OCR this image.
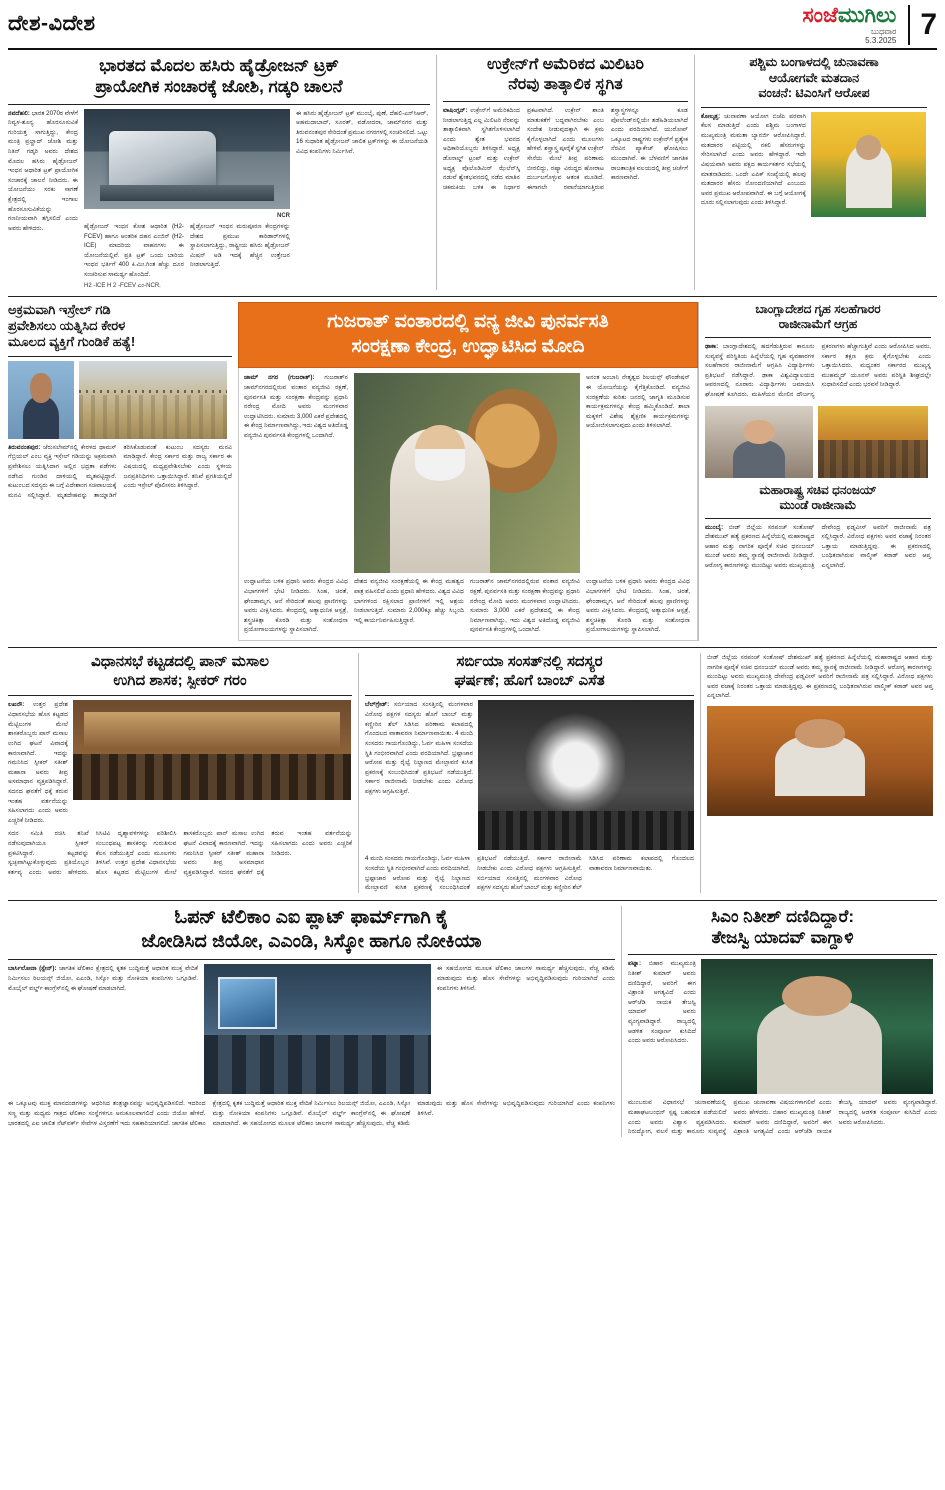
ದೇಶ-ವಿದೇಶ	ಸಂಜೆಮುಗಿಲು
ಬುಧವಾರ
5.3.2025 7
ಭಾರತದ ಮೊದಲ ಹಸಿರು ಹೈಡ್ರೋಜನ್ ಟ್ರಕ್
ಪ್ರಾಯೋಗಿಕ ಸಂಚಾರಕ್ಕೆ ಜೋಶಿ, ಗಡ್ಕರಿ ಚಾಲನೆ
ನವದೆಹಲಿ: ಭಾರತ 2070ರ ವೇಳೆಗೆ ನಿವ್ವಳ-ಶೂನ್ಯ ಹೊರಸೂಸುವಿಕೆ ಗುರಿಯತ್ತ ಸಾಗುತ್ತಿದ್ದು, ಕೇಂದ್ರ ಮಂತ್ರಿ ಪ್ರಲ್ಹಾದ್ ಜೋಶಿ ಮತ್ತು ನಿತಿನ್ ಗಡ್ಕರಿ ಅವರು ದೇಶದ ಮೊದಲ ಹಸಿರು ಹೈಡ್ರೋಜನ್ ಇಂಧನ ಆಧಾರಿತ ಟ್ರಕ್ ಪ್ರಾಯೋಗಿಕ ಸಂಚಾರಕ್ಕೆ ಚಾಲನೆ ನೀಡಿದರು. ಈ ಯೋಜನೆಯು ಸರಕು ಸಾಗಣೆ ಕ್ಷೇತ್ರದಲ್ಲಿ ಇಂಗಾಲ ಹೊರಸೂಸುವಿಕೆಯನ್ನು ಗಣನೀಯವಾಗಿ ತಗ್ಗಿಸಲಿದೆ ಎಂದು ಅವರು ಹೇಳಿದರು.
NCR
ಹೈಡ್ರೋಜನ್ ಇಂಧನ ಕೋಶ ಆಧಾರಿತ (H2-FCEV) ಹಾಗೂ ಆಂತರಿಕ ದಹನ ಎಂಜಿನ್ (H2-ICE) ಮಾದರಿಯ ವಾಹನಗಳು ಈ ಯೋಜನೆಯಲ್ಲಿವೆ. ಪ್ರತಿ ಟ್ರಕ್ ಒಂದು ಬಾರಿಯ ಇಂಧನ ಭರ್ತಿಗೆ 400 ಕಿ.ಮೀ.ಗಿಂತ ಹೆಚ್ಚು ದೂರ ಸಂಚರಿಸುವ ಸಾಮರ್ಥ್ಯ ಹೊಂದಿದೆ.
ಹೈಡ್ರೋಜನ್ ಇಂಧನ ಮರುಪೂರಣ ಕೇಂದ್ರಗಳನ್ನು ದೇಶದ ಪ್ರಮುಖ ಕಾರಿಡಾರ್‌ಗಳಲ್ಲಿ ಸ್ಥಾಪಿಸಲಾಗುತ್ತಿದ್ದು, ರಾಷ್ಟ್ರೀಯ ಹಸಿರು ಹೈಡ್ರೋಜನ್ ಮಿಷನ್ ಅಡಿ ಇದಕ್ಕೆ ಹೆಚ್ಚಿನ ಉತ್ತೇಜನ ನೀಡಲಾಗುತ್ತಿದೆ.
H2 -ICE H 2 -FCEV ಎಂ-NCR.
ಈ ಹಸಿರು ಹೈಡ್ರೋಜನ್ ಟ್ರಕ್ ಮುಂಬೈ, ಪುಣೆ, ದೆಹಲಿ-ಎನ್‌ಸಿಆರ್, ಅಹಮದಾಬಾದ್, ಸೂರತ್, ವಡೋದರಾ, ಜಾಮ್‌ನಗರ ಮತ್ತು ತಿರುವನಂತಪುರ ಸೇರಿದಂತೆ ಪ್ರಮುಖ ನಗರಗಳಲ್ಲಿ ಸಂಚರಿಸಲಿದೆ. ಒಟ್ಟು 16 ಸುಧಾರಿತ ಹೈಡ್ರೋಜನ್ ಚಾಲಿತ ಟ್ರಕ್‌ಗಳನ್ನು ಈ ಯೋಜನೆಯಡಿ ವಿವಿಧ ಕಂಪನಿಗಳು ನಿರ್ಮಿಸಿವೆ.
ಉಕ್ರೇನ್‌ಗೆ ಅಮೆರಿಕದ ಮಿಲಿಟರಿ
ನೆರವು ತಾತ್ಕಾಲಿಕ ಸ್ಥಗಿತ
ವಾಷಿಂಗ್ಟನ್: ಉಕ್ರೇನ್‌ಗೆ ಅಮೆರಿಕದಿಂದ ನೀಡಲಾಗುತ್ತಿದ್ದ ಎಲ್ಲ ಮಿಲಿಟರಿ ನೆರವನ್ನು ತಾತ್ಕಾಲಿಕವಾಗಿ ಸ್ಥಗಿತಗೊಳಿಸಲಾಗಿದೆ ಎಂದು ಶ್ವೇತ ಭವನದ ಅಧಿಕಾರಿಯೊಬ್ಬರು ತಿಳಿಸಿದ್ದಾರೆ. ಅಧ್ಯಕ್ಷ ಡೊನಾಲ್ಡ್ ಟ್ರಂಪ್ ಮತ್ತು ಉಕ್ರೇನ್ ಅಧ್ಯಕ್ಷ ವೊಲೊಡಿಮಿರ್ ಝೆಲೆನ್‌ಸ್ಕಿ ನಡುವೆ ಶ್ವೇತಭವನದಲ್ಲಿ ನಡೆದ ಮಾತಿನ ಚಕಮಕಿಯ ಬಳಿಕ ಈ ನಿರ್ಧಾರ ಪ್ರಕಟವಾಗಿದೆ. ಉಕ್ರೇನ್ ಶಾಂತಿ ಮಾತುಕತೆಗೆ ಬದ್ಧವಾಗಿರಬೇಕು ಎಂಬ ಸಂದೇಶ ನೀಡುವುದಕ್ಕಾಗಿ ಈ ಕ್ರಮ ಕೈಗೊಳ್ಳಲಾಗಿದೆ ಎಂದು ಮೂಲಗಳು ಹೇಳಿವೆ. ಶಸ್ತ್ರಾಸ್ತ್ರ ಪೂರೈಕೆ ಸ್ಥಗಿತ ಉಕ್ರೇನ್ ಸೇನೆಯ ಮೇಲೆ ತೀವ್ರ ಪರಿಣಾಮ ಬೀರಲಿದ್ದು, ರಷ್ಯಾ ವಿರುದ್ಧದ ಹೋರಾಟ ದುರ್ಬಲಗೊಳ್ಳುವ ಆತಂಕ ಮೂಡಿದೆ. ಈಗಾಗಲೇ ರವಾನೆಯಾಗುತ್ತಿರುವ ಶಸ್ತ್ರಾಸ್ತ್ರಗಳನ್ನೂ ಕೂಡ ಪೋಲೆಂಡ್‌ನಲ್ಲಿಯೇ ತಡೆಹಿಡಿಯಲಾಗಿದೆ ಎಂದು ವರದಿಯಾಗಿದೆ. ಯುರೋಪ್ ಒಕ್ಕೂಟದ ರಾಷ್ಟ್ರಗಳು ಉಕ್ರೇನ್‌ಗೆ ಪ್ರತ್ಯೇಕ ನೆರವಿನ ಪ್ಯಾಕೇಜ್ ಘೋಷಿಸಲು ಮುಂದಾಗಿವೆ. ಈ ಬೆಳವಣಿಗೆ ಜಾಗತಿಕ ರಾಜತಾಂತ್ರಿಕ ವಲಯದಲ್ಲಿ ತೀವ್ರ ಚರ್ಚೆಗೆ ಕಾರಣವಾಗಿದೆ.
ಪಶ್ಚಿಮ ಬಂಗಾಳದಲ್ಲಿ ಚುನಾವಣಾ
ಆಯೋಗವೇ ಮತದಾನ
ವಂಚನೆ: ಟಿಎಂಸಿಗೆ ಆರೋಪ
ಕೋಲ್ಕತ್ತ: ಚುನಾವಣಾ ಆಯೋಗ ಬಿಜೆಪಿ ಪರವಾಗಿ ಕೆಲಸ ಮಾಡುತ್ತಿದೆ ಎಂದು ಪಶ್ಚಿಮ ಬಂಗಾಳದ ಮುಖ್ಯಮಂತ್ರಿ ಮಮತಾ ಬ್ಯಾನರ್ಜಿ ಆರೋಪಿಸಿದ್ದಾರೆ. ಮತದಾರರ ಪಟ್ಟಿಯಲ್ಲಿ ನಕಲಿ ಹೆಸರುಗಳನ್ನು ಸೇರಿಸಲಾಗಿದೆ ಎಂದು ಅವರು ಹೇಳಿದ್ದಾರೆ. ಇದೇ ವಿಷಯವಾಗಿ ಅವರು ಪಕ್ಷದ ಕಾರ್ಯಕರ್ತರ ಸಭೆಯಲ್ಲಿ ಮಾತನಾಡಿದರು. ಒಂದೇ ಎಪಿಕ್ ಸಂಖ್ಯೆಯಲ್ಲಿ ಹಲವು ಮತದಾರರ ಹೆಸರು ನೋಂದಣಿಯಾಗಿದೆ ಎಂಬುದು ಅವರ ಪ್ರಮುಖ ಆರೋಪವಾಗಿದೆ. ಈ ಬಗ್ಗೆ ಆಯೋಗಕ್ಕೆ ದೂರು ಸಲ್ಲಿಸಲಾಗುವುದು ಎಂದು ತಿಳಿಸಿದ್ದಾರೆ.
ಅಕ್ರಮವಾಗಿ ಇಸ್ರೇಲ್ ಗಡಿ
ಪ್ರವೇಶಿಸಲು ಯತ್ನಿಸಿದ ಕೇರಳ
ಮೂಲದ ವ್ಯಕ್ತಿಗೆ ಗುಂಡಿಕೆ ಹತ್ಯೆ!
ತಿರುವನಂತಪುರ: ಜೆರುಸಲೇಮ್‌ನಲ್ಲಿ ಕೇರಳದ ಥಾಮಸ್ ಗೆಬ್ರಿಯಲ್ ಎಂಬ ವ್ಯಕ್ತಿ ಇಸ್ರೇಲ್ ಗಡಿಯನ್ನು ಅಕ್ರಮವಾಗಿ ಪ್ರವೇಶಿಸಲು ಯತ್ನಿಸಿದಾಗ ಅಲ್ಲಿನ ಭದ್ರತಾ ಪಡೆಗಳು ನಡೆಸಿದ ಗುಂಡಿನ ದಾಳಿಯಲ್ಲಿ ಮೃತಪಟ್ಟಿದ್ದಾರೆ. ಕುಟುಂಬದ ಸದಸ್ಯರು ಈ ಬಗ್ಗೆ ವಿದೇಶಾಂಗ ಸಚಿವಾಲಯಕ್ಕೆ ಮನವಿ ಸಲ್ಲಿಸಿದ್ದಾರೆ. ಮೃತದೇಹವನ್ನು ತಾಯ್ನಾಡಿಗೆ ತರಿಸಿಕೊಡುವಂತೆ ಕುಟುಂಬ ಸದಸ್ಯರು ಮನವಿ ಮಾಡಿದ್ದಾರೆ. ಕೇಂದ್ರ ಸರ್ಕಾರ ಮತ್ತು ರಾಜ್ಯ ಸರ್ಕಾರ ಈ ವಿಷಯದಲ್ಲಿ ಮಧ್ಯಪ್ರವೇಶಿಸಬೇಕು ಎಂದು ಸ್ಥಳೀಯ ಜನಪ್ರತಿನಿಧಿಗಳು ಒತ್ತಾಯಿಸಿದ್ದಾರೆ. ತನಿಖೆ ಪ್ರಗತಿಯಲ್ಲಿದೆ ಎಂದು ಇಸ್ರೇಲ್ ಪೊಲೀಸರು ತಿಳಿಸಿದ್ದಾರೆ.
ಗುಜರಾತ್ ವಂತಾರದಲ್ಲಿ ವನ್ಯ ಜೀವಿ ಪುನರ್ವಸತಿ
ಸಂರಕ್ಷಣಾ ಕೇಂದ್ರ, ಉದ್ಘಾಟಿಸಿದ ಮೋದಿ
ಜಾಮ್ ನಗರ (ಗುಜರಾತ್): ಗುಜರಾತ್‌ನ ಜಾಮ್‌ನಗರದಲ್ಲಿರುವ ವಂತಾರ ವನ್ಯಜೀವಿ ರಕ್ಷಣೆ, ಪುನರ್ವಸತಿ ಮತ್ತು ಸಂರಕ್ಷಣಾ ಕೇಂದ್ರವನ್ನು ಪ್ರಧಾನಿ ನರೇಂದ್ರ ಮೋದಿ ಅವರು ಮಂಗಳವಾರ ಉದ್ಘಾಟಿಸಿದರು. ಸುಮಾರು 3,000 ಎಕರೆ ಪ್ರದೇಶದಲ್ಲಿ ಈ ಕೇಂದ್ರ ನಿರ್ಮಾಣವಾಗಿದ್ದು, ಇದು ವಿಶ್ವದ ಅತಿದೊಡ್ಡ ವನ್ಯಜೀವಿ ಪುನರ್ವಸತಿ ಕೇಂದ್ರಗಳಲ್ಲಿ ಒಂದಾಗಿದೆ.
ಅನಂತ ಅಂಬಾನಿ ನೇತೃತ್ವದ ರಿಲಯನ್ಸ್ ಫೌಂಡೇಷನ್ ಈ ಯೋಜನೆಯನ್ನು ಕೈಗೆತ್ತಿಕೊಂಡಿದೆ. ವನ್ಯಜೀವಿ ಸಂರಕ್ಷಣೆಯ ಕುರಿತು ಜನರಲ್ಲಿ ಜಾಗೃತಿ ಮೂಡಿಸುವ ಕಾರ್ಯಕ್ರಮಗಳನ್ನೂ ಕೇಂದ್ರ ಹಮ್ಮಿಕೊಂಡಿದೆ. ಶಾಲಾ ಮಕ್ಕಳಿಗೆ ವಿಶೇಷ ಶೈಕ್ಷಣಿಕ ಕಾರ್ಯಕ್ರಮಗಳನ್ನು ಆಯೋಜಿಸಲಾಗುವುದು ಎಂದು ತಿಳಿಸಲಾಗಿದೆ.
ಉದ್ಘಾಟನೆಯ ಬಳಿಕ ಪ್ರಧಾನಿ ಅವರು ಕೇಂದ್ರದ ವಿವಿಧ ವಿಭಾಗಗಳಿಗೆ ಭೇಟಿ ನೀಡಿದರು. ಸಿಂಹ, ಚಿರತೆ, ಘೇಂಡಾಮೃಗ, ಆನೆ ಸೇರಿದಂತೆ ಹಲವು ಪ್ರಾಣಿಗಳನ್ನು ಅವರು ವೀಕ್ಷಿಸಿದರು. ಕೇಂದ್ರದಲ್ಲಿ ಅತ್ಯಾಧುನಿಕ ಆಸ್ಪತ್ರೆ, ಶಸ್ತ್ರಚಿಕಿತ್ಸಾ ಕೊಠಡಿ ಮತ್ತು ಸಂಶೋಧನಾ ಪ್ರಯೋಗಾಲಯಗಳನ್ನು ಸ್ಥಾಪಿಸಲಾಗಿದೆ.
ದೇಶದ ವನ್ಯಜೀವಿ ಸಂರಕ್ಷಣೆಯಲ್ಲಿ ಈ ಕೇಂದ್ರ ಮಹತ್ವದ ಪಾತ್ರ ವಹಿಸಲಿದೆ ಎಂದು ಪ್ರಧಾನಿ ಹೇಳಿದರು. ವಿಶ್ವದ ವಿವಿಧ ಭಾಗಗಳಿಂದ ರಕ್ಷಿಸಲಾದ ಪ್ರಾಣಿಗಳಿಗೆ ಇಲ್ಲಿ ಆಶ್ರಯ ನೀಡಲಾಗುತ್ತಿದೆ. ಸುಮಾರು 2,000ಕ್ಕೂ ಹೆಚ್ಚು ಸಿಬ್ಬಂದಿ ಇಲ್ಲಿ ಕಾರ್ಯನಿರ್ವಹಿಸುತ್ತಿದ್ದಾರೆ.
ಗುಜರಾತ್‌ನ ಜಾಮ್‌ನಗರದಲ್ಲಿರುವ ವಂತಾರ ವನ್ಯಜೀವಿ ರಕ್ಷಣೆ, ಪುನರ್ವಸತಿ ಮತ್ತು ಸಂರಕ್ಷಣಾ ಕೇಂದ್ರವನ್ನು ಪ್ರಧಾನಿ ನರೇಂದ್ರ ಮೋದಿ ಅವರು ಮಂಗಳವಾರ ಉದ್ಘಾಟಿಸಿದರು. ಸುಮಾರು 3,000 ಎಕರೆ ಪ್ರದೇಶದಲ್ಲಿ ಈ ಕೇಂದ್ರ ನಿರ್ಮಾಣವಾಗಿದ್ದು, ಇದು ವಿಶ್ವದ ಅತಿದೊಡ್ಡ ವನ್ಯಜೀವಿ ಪುನರ್ವಸತಿ ಕೇಂದ್ರಗಳಲ್ಲಿ ಒಂದಾಗಿದೆ.
ಉದ್ಘಾಟನೆಯ ಬಳಿಕ ಪ್ರಧಾನಿ ಅವರು ಕೇಂದ್ರದ ವಿವಿಧ ವಿಭಾಗಗಳಿಗೆ ಭೇಟಿ ನೀಡಿದರು. ಸಿಂಹ, ಚಿರತೆ, ಘೇಂಡಾಮೃಗ, ಆನೆ ಸೇರಿದಂತೆ ಹಲವು ಪ್ರಾಣಿಗಳನ್ನು ಅವರು ವೀಕ್ಷಿಸಿದರು. ಕೇಂದ್ರದಲ್ಲಿ ಅತ್ಯಾಧುನಿಕ ಆಸ್ಪತ್ರೆ, ಶಸ್ತ್ರಚಿಕಿತ್ಸಾ ಕೊಠಡಿ ಮತ್ತು ಸಂಶೋಧನಾ ಪ್ರಯೋಗಾಲಯಗಳನ್ನು ಸ್ಥಾಪಿಸಲಾಗಿದೆ.
ಬಾಂಗ್ಲಾದೇಶದ ಗೃಹ ಸಲಹೆಗಾರರ
ರಾಜೀನಾಮೆಗೆ ಆಗ್ರಹ
ಢಾಕಾ: ಬಾಂಗ್ಲಾದೇಶದಲ್ಲಿ ಹದಗೆಡುತ್ತಿರುವ ಕಾನೂನು ಸುವ್ಯವಸ್ಥೆ ಪರಿಸ್ಥಿತಿಯ ಹಿನ್ನೆಲೆಯಲ್ಲಿ ಗೃಹ ವ್ಯವಹಾರಗಳ ಸಲಹೆಗಾರರ ರಾಜೀನಾಮೆಗೆ ಆಗ್ರಹಿಸಿ ವಿದ್ಯಾರ್ಥಿಗಳು ಪ್ರತಿಭಟನೆ ನಡೆಸಿದ್ದಾರೆ. ಢಾಕಾ ವಿಶ್ವವಿದ್ಯಾಲಯದ ಆವರಣದಲ್ಲಿ ನೂರಾರು ವಿದ್ಯಾರ್ಥಿಗಳು ಜಮಾಯಿಸಿ ಘೋಷಣೆ ಕೂಗಿದರು. ಮಹಿಳೆಯರ ಮೇಲಿನ ದೌರ್ಜನ್ಯ ಪ್ರಕರಣಗಳು ಹೆಚ್ಚಾಗುತ್ತಿವೆ ಎಂದು ಆರೋಪಿಸಿದ ಅವರು, ಸರ್ಕಾರ ತಕ್ಷಣ ಕ್ರಮ ಕೈಗೊಳ್ಳಬೇಕು ಎಂದು ಒತ್ತಾಯಿಸಿದರು. ಮಧ್ಯಂತರ ಸರ್ಕಾರದ ಮುಖ್ಯಸ್ಥ ಮುಹಮ್ಮದ್ ಯೂನಸ್ ಅವರು ಪರಿಸ್ಥಿತಿ ಶೀಘ್ರದಲ್ಲೇ ಸುಧಾರಿಸಲಿದೆ ಎಂದು ಭರವಸೆ ನೀಡಿದ್ದಾರೆ.
ಮಹಾರಾಷ್ಟ್ರ ಸಚಿವ ಧನಂಜಯ್
ಮುಂಡೆ ರಾಜೀನಾಮೆ
ಮುಂಬೈ: ಬೀಡ್ ಜಿಲ್ಲೆಯ ಸರಪಂಚ್ ಸಂತೋಷ್ ದೇಶಮುಖ್ ಹತ್ಯೆ ಪ್ರಕರಣದ ಹಿನ್ನೆಲೆಯಲ್ಲಿ ಮಹಾರಾಷ್ಟ್ರದ ಆಹಾರ ಮತ್ತು ನಾಗರಿಕ ಪೂರೈಕೆ ಸಚಿವ ಧನಂಜಯ್ ಮುಂಡೆ ಅವರು ತಮ್ಮ ಸ್ಥಾನಕ್ಕೆ ರಾಜೀನಾಮೆ ನೀಡಿದ್ದಾರೆ. ಆರೋಗ್ಯ ಕಾರಣಗಳನ್ನು ಮುಂದಿಟ್ಟು ಅವರು ಮುಖ್ಯಮಂತ್ರಿ ದೇವೇಂದ್ರ ಫಡ್ನವೀಸ್ ಅವರಿಗೆ ರಾಜೀನಾಮೆ ಪತ್ರ ಸಲ್ಲಿಸಿದ್ದಾರೆ. ವಿರೋಧ ಪಕ್ಷಗಳು ಅವರ ವಜಾಕ್ಕೆ ನಿರಂತರ ಒತ್ತಾಯ ಮಾಡುತ್ತಿದ್ದವು. ಈ ಪ್ರಕರಣದಲ್ಲಿ ಬಂಧಿತನಾಗಿರುವ ವಾಲ್ಮೀಕ್ ಕರಾಡ್ ಅವರ ಆಪ್ತ ಎನ್ನಲಾಗಿದೆ.
ವಿಧಾನಸಭೆ ಕಟ್ಟಡದಲ್ಲಿ ಪಾನ್ ಮಸಾಲ
ಉಗಿದ ಶಾಸಕ; ಸ್ಪೀಕರ್ ಗರಂ
ಲಖನೌ: ಉತ್ತರ ಪ್ರದೇಶ ವಿಧಾನಸಭೆಯ ಹೊಸ ಕಟ್ಟಡದ ಮೆಟ್ಟಿಲುಗಳ ಮೇಲೆ ಶಾಸಕರೊಬ್ಬರು ಪಾನ್ ಮಸಾಲ ಉಗಿದ ಘಟನೆ ವಿವಾದಕ್ಕೆ ಕಾರಣವಾಗಿದೆ. ಇದನ್ನು ಗಮನಿಸಿದ ಸ್ಪೀಕರ್ ಸತೀಶ್ ಮಹಾನಾ ಅವರು ತೀವ್ರ ಅಸಮಾಧಾನ ವ್ಯಕ್ತಪಡಿಸಿದ್ದಾರೆ. ಸದನದ ಘನತೆಗೆ ಧಕ್ಕೆ ತರುವ ಇಂತಹ ವರ್ತನೆಯನ್ನು ಸಹಿಸಲಾಗದು ಎಂದು ಅವರು ಎಚ್ಚರಿಕೆ ನೀಡಿದರು.
ಸದನ ಸಮಿತಿ ರಚಿಸಿ ತನಿಖೆ ನಡೆಸುವುದಾಗಿಯೂ ಸ್ಪೀಕರ್ ಪ್ರಕಟಿಸಿದ್ದಾರೆ. ಕಟ್ಟಡವನ್ನು ಸ್ವಚ್ಛವಾಗಿಟ್ಟುಕೊಳ್ಳುವುದು ಪ್ರತಿಯೊಬ್ಬರ ಕರ್ತವ್ಯ ಎಂದು ಅವರು ಹೇಳಿದರು. ಸಿಸಿಟಿವಿ ದೃಶ್ಯಾವಳಿಗಳನ್ನು ಪರಿಶೀಲಿಸಿ ಸಂಬಂಧಪಟ್ಟ ಶಾಸಕರನ್ನು ಗುರುತಿಸುವ ಕೆಲಸ ನಡೆಯುತ್ತಿದೆ ಎಂದು ಮೂಲಗಳು ತಿಳಿಸಿವೆ. ಉತ್ತರ ಪ್ರದೇಶ ವಿಧಾನಸಭೆಯ ಹೊಸ ಕಟ್ಟಡದ ಮೆಟ್ಟಿಲುಗಳ ಮೇಲೆ ಶಾಸಕರೊಬ್ಬರು ಪಾನ್ ಮಸಾಲ ಉಗಿದ ಘಟನೆ ವಿವಾದಕ್ಕೆ ಕಾರಣವಾಗಿದೆ. ಇದನ್ನು ಗಮನಿಸಿದ ಸ್ಪೀಕರ್ ಸತೀಶ್ ಮಹಾನಾ ಅವರು ತೀವ್ರ ಅಸಮಾಧಾನ ವ್ಯಕ್ತಪಡಿಸಿದ್ದಾರೆ. ಸದನದ ಘನತೆಗೆ ಧಕ್ಕೆ ತರುವ ಇಂತಹ ವರ್ತನೆಯನ್ನು ಸಹಿಸಲಾಗದು ಎಂದು ಅವರು ಎಚ್ಚರಿಕೆ ನೀಡಿದರು.
ಸರ್ಬಿಯಾ ಸಂಸತ್‌ನಲ್ಲಿ ಸದಸ್ಯರ
ಘರ್ಷಣೆ; ಹೊಗೆ ಬಾಂಬ್ ಎಸೆತ
ಬೆಲ್‌ಗ್ರೇಡ್: ಸರ್ಬಿಯಾದ ಸಂಸತ್ತಿನಲ್ಲಿ ಮಂಗಳವಾರ ವಿರೋಧ ಪಕ್ಷಗಳ ಸದಸ್ಯರು ಹೊಗೆ ಬಾಂಬ್ ಮತ್ತು ಕಣ್ಣೀರಿನ ಶೆಲ್ ಸಿಡಿಸಿದ ಪರಿಣಾಮ ಕಲಾಪದಲ್ಲಿ ಗೊಂದಲದ ವಾತಾವರಣ ನಿರ್ಮಾಣವಾಯಿತು. 4 ಮಂದಿ ಸಂಸದರು ಗಾಯಗೊಂಡಿದ್ದು, ಓರ್ವ ಮಹಿಳಾ ಸಂಸದೆಯ ಸ್ಥಿತಿ ಗಂಭೀರವಾಗಿದೆ ಎಂದು ವರದಿಯಾಗಿದೆ. ಭ್ರಷ್ಟಾಚಾರ ಆರೋಪ ಮತ್ತು ರೈಲ್ವೆ ನಿಲ್ದಾಣದ ಮೇಲ್ಛಾವಣಿ ಕುಸಿತ ಪ್ರಕರಣಕ್ಕೆ ಸಂಬಂಧಿಸಿದಂತೆ ಪ್ರತಿಭಟನೆ ನಡೆಯುತ್ತಿದೆ. ಸರ್ಕಾರ ರಾಜೀನಾಮೆ ನೀಡಬೇಕು ಎಂದು ವಿರೋಧ ಪಕ್ಷಗಳು ಆಗ್ರಹಿಸುತ್ತಿವೆ.
4 ಮಂದಿ ಸಂಸದರು ಗಾಯಗೊಂಡಿದ್ದು, ಓರ್ವ ಮಹಿಳಾ ಸಂಸದೆಯ ಸ್ಥಿತಿ ಗಂಭೀರವಾಗಿದೆ ಎಂದು ವರದಿಯಾಗಿದೆ. ಭ್ರಷ್ಟಾಚಾರ ಆರೋಪ ಮತ್ತು ರೈಲ್ವೆ ನಿಲ್ದಾಣದ ಮೇಲ್ಛಾವಣಿ ಕುಸಿತ ಪ್ರಕರಣಕ್ಕೆ ಸಂಬಂಧಿಸಿದಂತೆ ಪ್ರತಿಭಟನೆ ನಡೆಯುತ್ತಿದೆ. ಸರ್ಕಾರ ರಾಜೀನಾಮೆ ನೀಡಬೇಕು ಎಂದು ವಿರೋಧ ಪಕ್ಷಗಳು ಆಗ್ರಹಿಸುತ್ತಿವೆ. ಸರ್ಬಿಯಾದ ಸಂಸತ್ತಿನಲ್ಲಿ ಮಂಗಳವಾರ ವಿರೋಧ ಪಕ್ಷಗಳ ಸದಸ್ಯರು ಹೊಗೆ ಬಾಂಬ್ ಮತ್ತು ಕಣ್ಣೀರಿನ ಶೆಲ್ ಸಿಡಿಸಿದ ಪರಿಣಾಮ ಕಲಾಪದಲ್ಲಿ ಗೊಂದಲದ ವಾತಾವರಣ ನಿರ್ಮಾಣವಾಯಿತು.
ಬೀಡ್ ಜಿಲ್ಲೆಯ ಸರಪಂಚ್ ಸಂತೋಷ್ ದೇಶಮುಖ್ ಹತ್ಯೆ ಪ್ರಕರಣದ ಹಿನ್ನೆಲೆಯಲ್ಲಿ ಮಹಾರಾಷ್ಟ್ರದ ಆಹಾರ ಮತ್ತು ನಾಗರಿಕ ಪೂರೈಕೆ ಸಚಿವ ಧನಂಜಯ್ ಮುಂಡೆ ಅವರು ತಮ್ಮ ಸ್ಥಾನಕ್ಕೆ ರಾಜೀನಾಮೆ ನೀಡಿದ್ದಾರೆ. ಆರೋಗ್ಯ ಕಾರಣಗಳನ್ನು ಮುಂದಿಟ್ಟು ಅವರು ಮುಖ್ಯಮಂತ್ರಿ ದೇವೇಂದ್ರ ಫಡ್ನವೀಸ್ ಅವರಿಗೆ ರಾಜೀನಾಮೆ ಪತ್ರ ಸಲ್ಲಿಸಿದ್ದಾರೆ. ವಿರೋಧ ಪಕ್ಷಗಳು ಅವರ ವಜಾಕ್ಕೆ ನಿರಂತರ ಒತ್ತಾಯ ಮಾಡುತ್ತಿದ್ದವು. ಈ ಪ್ರಕರಣದಲ್ಲಿ ಬಂಧಿತನಾಗಿರುವ ವಾಲ್ಮೀಕ್ ಕರಾಡ್ ಅವರ ಆಪ್ತ ಎನ್ನಲಾಗಿದೆ.
ಓಪನ್ ಟೆಲಿಕಾಂ ಎಐ ಪ್ಲಾಟ್ ಫಾರ್ಮ್‌ಗಾಗಿ ಕೈ
ಜೋಡಿಸಿದ ಜಿಯೋ, ಎಎಂಡಿ, ಸಿಸ್ಕೋ ಹಾಗೂ ನೋಕಿಯಾ
ಬಾರ್ಸಿಲೋನಾ (ಸ್ಪೇನ್): ಜಾಗತಿಕ ಟೆಲಿಕಾಂ ಕ್ಷೇತ್ರದಲ್ಲಿ ಕೃತಕ ಬುದ್ಧಿಮತ್ತೆ ಆಧಾರಿತ ಮುಕ್ತ ವೇದಿಕೆ ನಿರ್ಮಿಸಲು ರಿಲಯನ್ಸ್ ಜಿಯೋ, ಎಎಂಡಿ, ಸಿಸ್ಕೋ ಮತ್ತು ನೋಕಿಯಾ ಕಂಪನಿಗಳು ಒಗ್ಗೂಡಿವೆ. ಮೊಬೈಲ್ ವರ್ಲ್ಡ್ ಕಾಂಗ್ರೆಸ್‌ನಲ್ಲಿ ಈ ಘೋಷಣೆ ಮಾಡಲಾಗಿದೆ.
ಈ ಸಹಯೋಗದ ಮೂಲಕ ಟೆಲಿಕಾಂ ಜಾಲಗಳ ಸಾಮರ್ಥ್ಯ ಹೆಚ್ಚಿಸುವುದು, ವೆಚ್ಚ ಕಡಿಮೆ ಮಾಡುವುದು ಮತ್ತು ಹೊಸ ಸೇವೆಗಳನ್ನು ಅಭಿವೃದ್ಧಿಪಡಿಸುವುದು ಗುರಿಯಾಗಿದೆ ಎಂದು ಕಂಪನಿಗಳು ತಿಳಿಸಿವೆ.
ಈ ಒಕ್ಕೂಟವು ಮುಕ್ತ ಮಾನದಂಡಗಳನ್ನು ಆಧರಿಸಿದ ತಂತ್ರಜ್ಞಾನವನ್ನು ಅಭಿವೃದ್ಧಿಪಡಿಸಲಿದೆ. ಇದರಿಂದ ಸಣ್ಣ ಮತ್ತು ಮಧ್ಯಮ ಗಾತ್ರದ ಟೆಲಿಕಾಂ ಸಂಸ್ಥೆಗಳಿಗೂ ಅನುಕೂಲವಾಗಲಿದೆ ಎಂದು ಜಿಯೋ ಹೇಳಿದೆ. ಭಾರತದಲ್ಲಿ ಎಐ ಚಾಲಿತ ನೆಟ್‌ವರ್ಕ್ ಸೇವೆಗಳ ವಿಸ್ತರಣೆಗೆ ಇದು ಸಹಕಾರಿಯಾಗಲಿದೆ. ಜಾಗತಿಕ ಟೆಲಿಕಾಂ ಕ್ಷೇತ್ರದಲ್ಲಿ ಕೃತಕ ಬುದ್ಧಿಮತ್ತೆ ಆಧಾರಿತ ಮುಕ್ತ ವೇದಿಕೆ ನಿರ್ಮಿಸಲು ರಿಲಯನ್ಸ್ ಜಿಯೋ, ಎಎಂಡಿ, ಸಿಸ್ಕೋ ಮತ್ತು ನೋಕಿಯಾ ಕಂಪನಿಗಳು ಒಗ್ಗೂಡಿವೆ. ಮೊಬೈಲ್ ವರ್ಲ್ಡ್ ಕಾಂಗ್ರೆಸ್‌ನಲ್ಲಿ ಈ ಘೋಷಣೆ ಮಾಡಲಾಗಿದೆ. ಈ ಸಹಯೋಗದ ಮೂಲಕ ಟೆಲಿಕಾಂ ಜಾಲಗಳ ಸಾಮರ್ಥ್ಯ ಹೆಚ್ಚಿಸುವುದು, ವೆಚ್ಚ ಕಡಿಮೆ ಮಾಡುವುದು ಮತ್ತು ಹೊಸ ಸೇವೆಗಳನ್ನು ಅಭಿವೃದ್ಧಿಪಡಿಸುವುದು ಗುರಿಯಾಗಿದೆ ಎಂದು ಕಂಪನಿಗಳು ತಿಳಿಸಿವೆ.
ಸಿಎಂ ನಿತೀಶ್ ದಣಿದಿದ್ದಾರೆ:
ತೇಜಸ್ವಿ ಯಾದವ್ ವಾಗ್ದಾಳಿ
ಪಟ್ನಾ: ಬಿಹಾರ ಮುಖ್ಯಮಂತ್ರಿ ನಿತೀಶ್ ಕುಮಾರ್ ಅವರು ದಣಿದಿದ್ದಾರೆ, ಅವರಿಗೆ ಈಗ ವಿಶ್ರಾಂತಿ ಅಗತ್ಯವಿದೆ ಎಂದು ಆರ್‌ಜೆಡಿ ನಾಯಕ ತೇಜಸ್ವಿ ಯಾದವ್ ಅವರು ವ್ಯಂಗ್ಯವಾಡಿದ್ದಾರೆ. ರಾಜ್ಯದಲ್ಲಿ ಆಡಳಿತ ಸಂಪೂರ್ಣ ಕುಸಿದಿದೆ ಎಂದು ಅವರು ಆರೋಪಿಸಿದರು.
ಮುಂಬರುವ ವಿಧಾನಸಭೆ ಚುನಾವಣೆಯಲ್ಲಿ ಮಹಾಘಟಬಂಧನ್ ಸ್ಪಷ್ಟ ಬಹುಮತ ಪಡೆಯಲಿದೆ ಎಂದು ಅವರು ವಿಶ್ವಾಸ ವ್ಯಕ್ತಪಡಿಸಿದರು. ನಿರುದ್ಯೋಗ, ವಲಸೆ ಮತ್ತು ಕಾನೂನು ಸುವ್ಯವಸ್ಥೆ ಪ್ರಮುಖ ಚುನಾವಣಾ ವಿಷಯಗಳಾಗಲಿವೆ ಎಂದು ಅವರು ಹೇಳಿದರು. ಬಿಹಾರ ಮುಖ್ಯಮಂತ್ರಿ ನಿತೀಶ್ ಕುಮಾರ್ ಅವರು ದಣಿದಿದ್ದಾರೆ, ಅವರಿಗೆ ಈಗ ವಿಶ್ರಾಂತಿ ಅಗತ್ಯವಿದೆ ಎಂದು ಆರ್‌ಜೆಡಿ ನಾಯಕ ತೇಜಸ್ವಿ ಯಾದವ್ ಅವರು ವ್ಯಂಗ್ಯವಾಡಿದ್ದಾರೆ. ರಾಜ್ಯದಲ್ಲಿ ಆಡಳಿತ ಸಂಪೂರ್ಣ ಕುಸಿದಿದೆ ಎಂದು ಅವರು ಆರೋಪಿಸಿದರು.
